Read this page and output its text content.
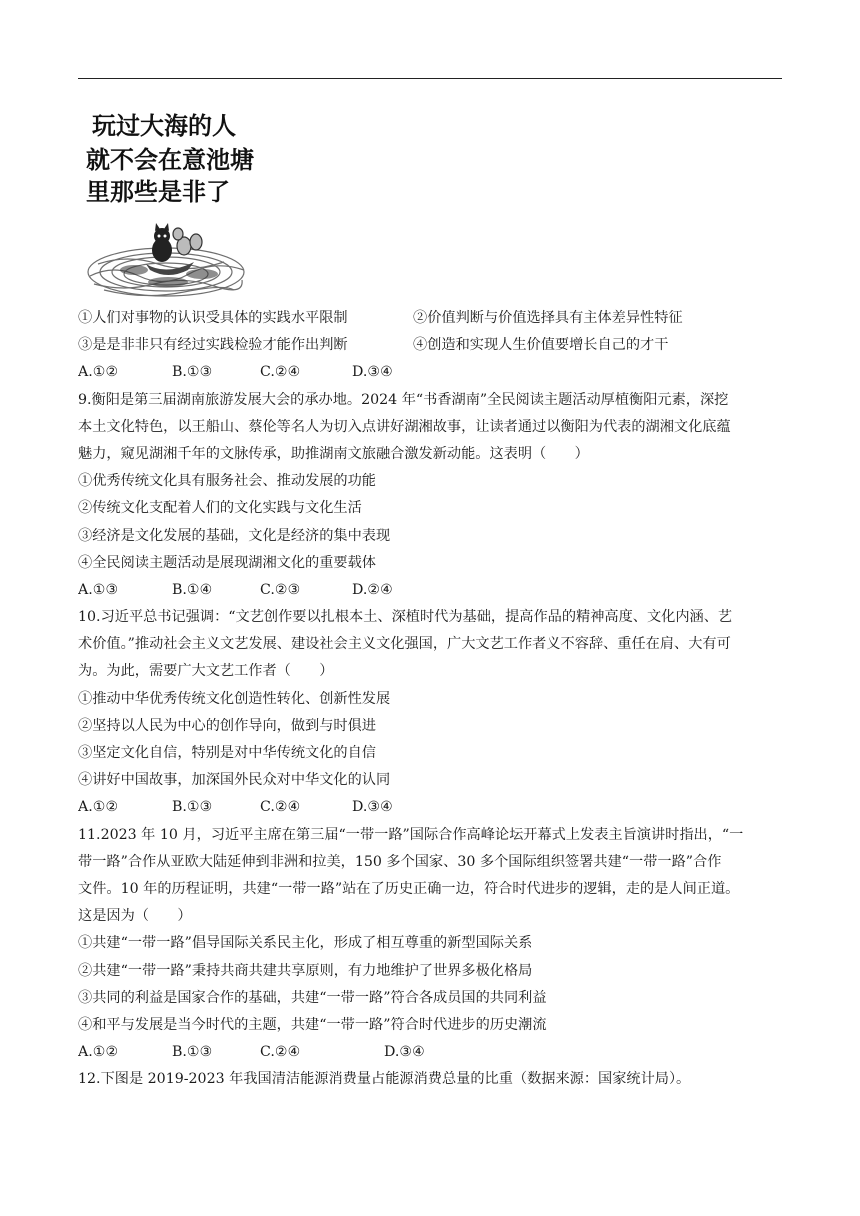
玩过大海的人
就不会在意池塘
里那些是非了
①人们对事物的认识受具体的实践水平限制	②价值判断与价值选择具有主体差异性特征
③是是非非只有经过实践检验才能作出判断	④创造和实现人生价值要增长自己的才干
A.①②	B.①③	C.②④	D.③④
9.衡阳是第三届湖南旅游发展大会的承办地。2024 年“书香湖南”全民阅读主题活动厚植衡阳元素，深挖
本土文化特色，以王船山、蔡伦等名人为切入点讲好湖湘故事，让读者通过以衡阳为代表的湖湘文化底蕴
魅力，窥见湖湘千年的文脉传承，助推湖南文旅融合激发新动能。这表明（　　）
①优秀传统文化具有服务社会、推动发展的功能
②传统文化支配着人们的文化实践与文化生活
③经济是文化发展的基础，文化是经济的集中表现
④全民阅读主题活动是展现湖湘文化的重要载体
A.①③	B.①④	C.②③	D.②④
10.习近平总书记强调：“文艺创作要以扎根本土、深植时代为基础，提高作品的精神高度、文化内涵、艺
术价值。”推动社会主义文艺发展、建设社会主义文化强国，广大文艺工作者义不容辞、重任在肩、大有可
为。为此，需要广大文艺工作者（　　）
①推动中华优秀传统文化创造性转化、创新性发展
②坚持以人民为中心的创作导向，做到与时俱进
③坚定文化自信，特别是对中华传统文化的自信
④讲好中国故事，加深国外民众对中华文化的认同
A.①②	B.①③	C.②④	D.③④
11.2023 年 10 月，习近平主席在第三届“一带一路”国际合作高峰论坛开幕式上发表主旨演讲时指出，“一
带一路”合作从亚欧大陆延伸到非洲和拉美，150 多个国家、30 多个国际组织签署共建“一带一路”合作
文件。10 年的历程证明，共建“一带一路”站在了历史正确一边，符合时代进步的逻辑，走的是人间正道。
这是因为（　　）
①共建“一带一路”倡导国际关系民主化，形成了相互尊重的新型国际关系
②共建“一带一路”秉持共商共建共享原则，有力地维护了世界多极化格局
③共同的利益是国家合作的基础，共建“一带一路”符合各成员国的共同利益
④和平与发展是当今时代的主题，共建“一带一路”符合时代进步的历史潮流
A.①②	B.①③	C.②④	D.③④
12.下图是 2019-2023 年我国清洁能源消费量占能源消费总量的比重（数据来源：国家统计局）。
